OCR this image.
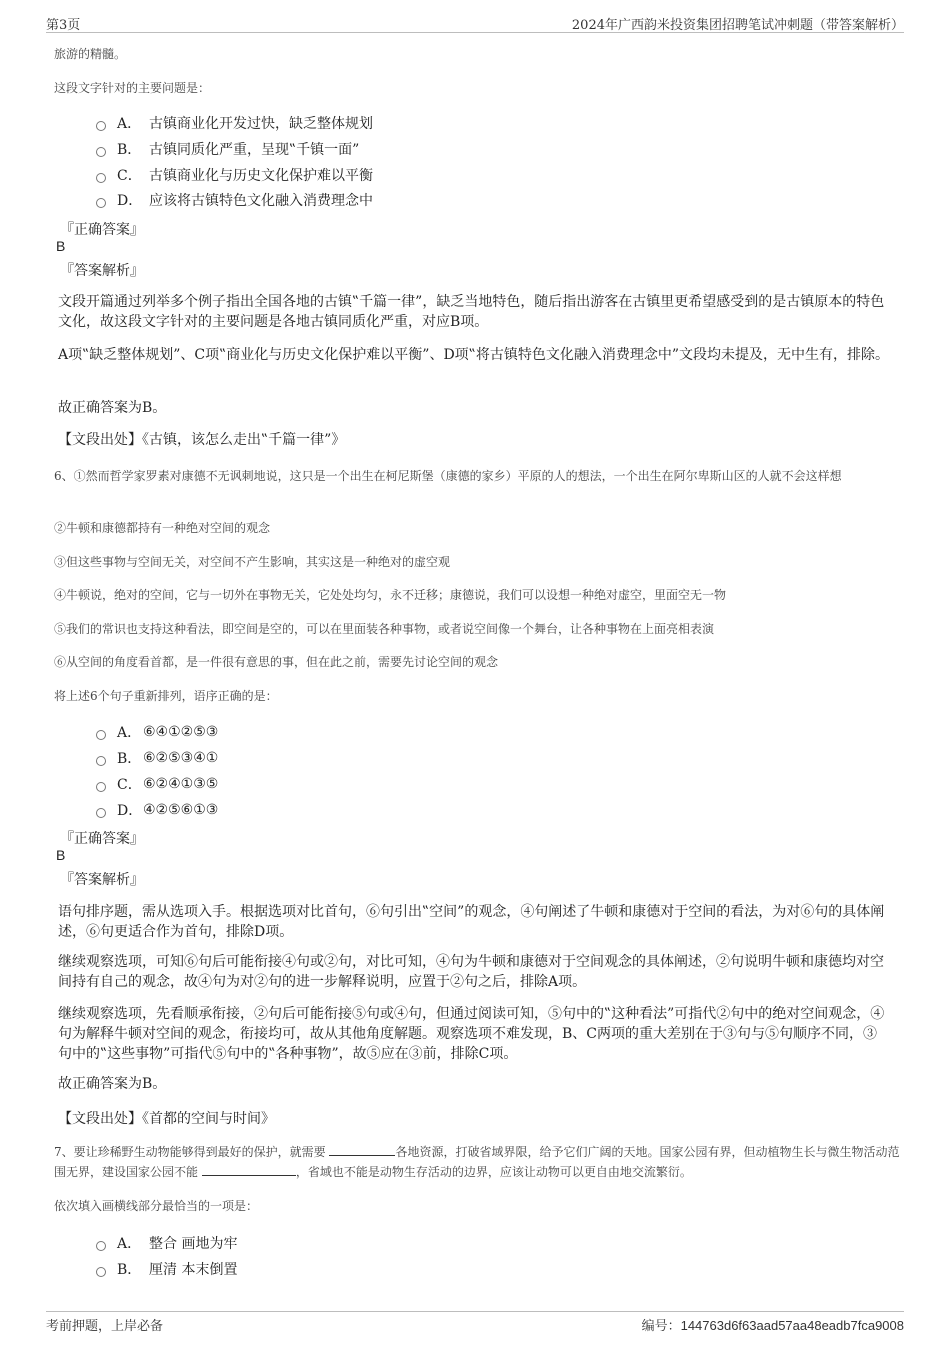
第3页	2024年广西韵米投资集团招聘笔试冲刺题（带答案解析）
旅游的精髓。
这段文字针对的主要问题是：
A． 古镇商业化开发过快，缺乏整体规划
B． 古镇同质化严重，呈现‟千镇一面”
C． 古镇商业化与历史文化保护难以平衡
D． 应该将古镇特色文化融入消费理念中
『正确答案』
B
『答案解析』
文段开篇通过列举多个例子指出全国各地的古镇‟千篇一律”，缺乏当地特色，随后指出游客在古镇里更希望感受到的是古镇原本的特色文化，故这段文字针对的主要问题是各地古镇同质化严重，对应B项。
A项‟缺乏整体规划”、C项‟商业化与历史文化保护难以平衡”、D项‟将古镇特色文化融入消费理念中”文段均未提及，无中生有，排除。
故正确答案为B。
【文段出处】《古镇，该怎么走出‟千篇一律”》
6、①然而哲学家罗素对康德不无讽刺地说，这只是一个出生在柯尼斯堡（康德的家乡）平原的人的想法，一个出生在阿尔卑斯山区的人就不会这样想
②牛顿和康德都持有一种绝对空间的观念
③但这些事物与空间无关，对空间不产生影响，其实这是一种绝对的虚空观
④牛顿说，绝对的空间，它与一切外在事物无关，它处处均匀，永不迁移；康德说，我们可以设想一种绝对虚空，里面空无一物
⑤我们的常识也支持这种看法，即空间是空的，可以在里面装各种事物，或者说空间像一个舞台，让各种事物在上面亮相表演
⑥从空间的角度看首都，是一件很有意思的事，但在此之前，需要先讨论空间的观念
将上述6个句子重新排列，语序正确的是：
A． ⑥④①②⑤③
B． ⑥②⑤③④①
C． ⑥②④①③⑤
D． ④②⑤⑥①③
『正确答案』
B
『答案解析』
语句排序题，需从选项入手。根据选项对比首句，⑥句引出‟空间”的观念，④句阐述了牛顿和康德对于空间的看法，为对⑥句的具体阐述，⑥句更适合作为首句，排除D项。
继续观察选项，可知⑥句后可能衔接④句或②句，对比可知，④句为牛顿和康德对于空间观念的具体阐述，②句说明牛顿和康德均对空间持有自己的观念，故④句为对②句的进一步解释说明，应置于②句之后，排除A项。
继续观察选项，先看顺承衔接，②句后可能衔接⑤句或④句，但通过阅读可知，⑤句中的‟这种看法”可指代②句中的绝对空间观念，④句为解释牛顿对空间的观念，衔接均可，故从其他角度解题。观察选项不难发现，B、C两项的重大差别在于③句与⑤句顺序不同，③句中的‟这些事物”可指代⑤句中的‟各种事物”，故⑤应在③前，排除C项。
故正确答案为B。
【文段出处】《首都的空间与时间》
7、要让珍稀野生动物能够得到最好的保护，就需要	各地资源，打破省域界限，给予它们广阔的天地。国家公园有界，但动植物生长与微生物活动范围无界，建设国家公园不能	，省域也不能是动物生存活动的边界，应该让动物可以更自由地交流繁衍。
依次填入画横线部分最恰当的一项是：
A． 整合 画地为牢
B． 厘清 本末倒置
考前押题，上岸必备	编号：144763d6f63aad57aa48eadb7fca9008
